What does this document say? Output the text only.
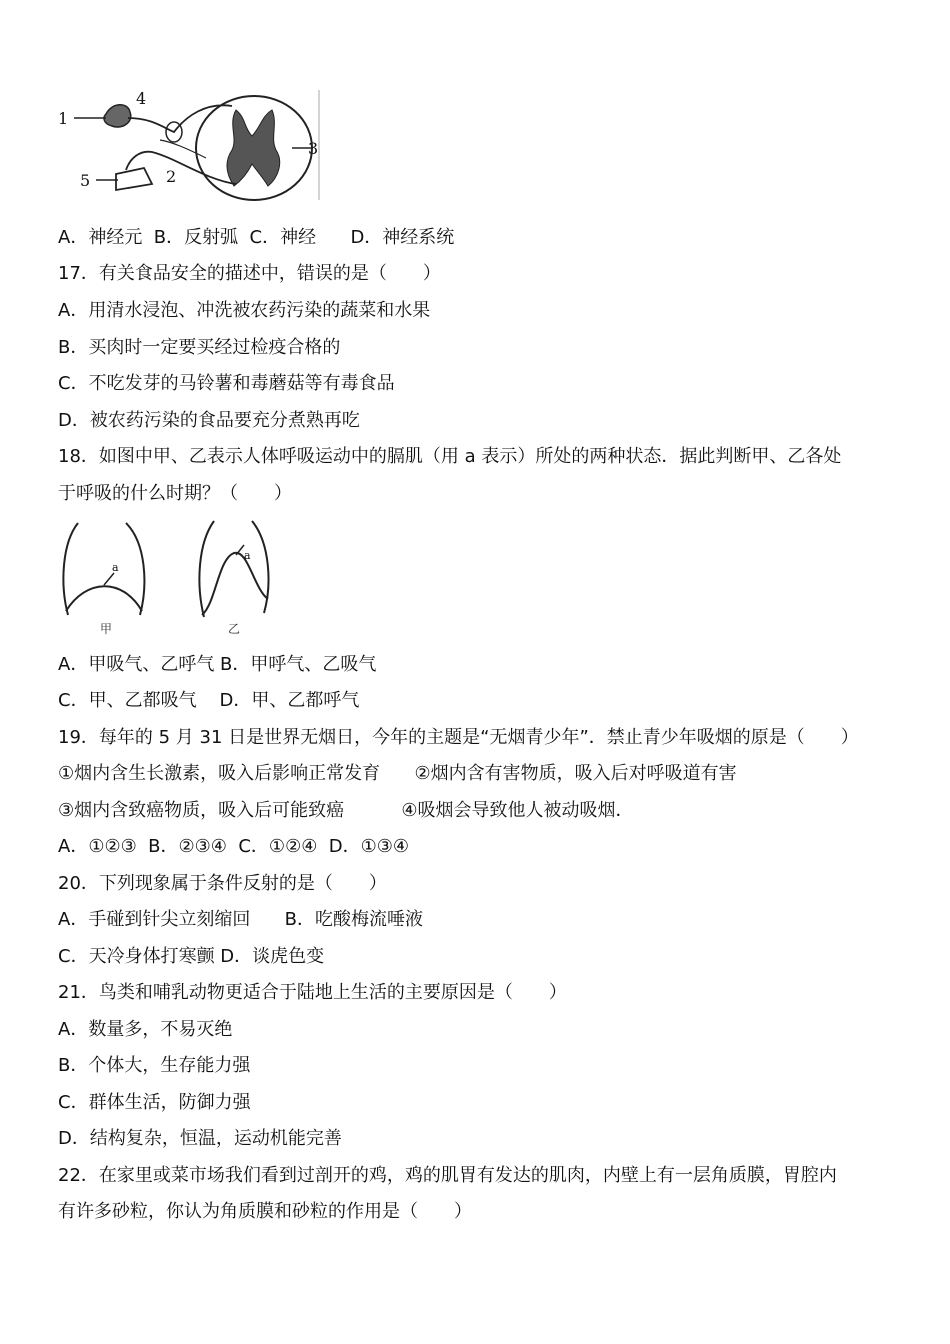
1
2
3
4
5
A．神经元  B．反射弧  C．神经      D．神经系统
17．有关食品安全的描述中，错误的是（　　）
A．用清水浸泡、冲洗被农药污染的蔬菜和水果
B．买肉时一定要买经过检疫合格的
C．不吃发芽的马铃薯和毒蘑菇等有毒食品
D．被农药污染的食品要充分煮熟再吃
18．如图中甲、乙表示人体呼吸运动中的膈肌（用 a 表示）所处的两种状态．据此判断甲、乙各处
于呼吸的什么时期？（　　）
a
甲
a
乙
A．甲吸气、乙呼气 B．甲呼气、乙吸气
C．甲、乙都吸气    D．甲、乙都呼气
19．每年的 5 月 31 日是世界无烟日，今年的主题是“无烟青少年”．禁止青少年吸烟的原是（　　）
①烟内含生长激素，吸入后影响正常发育      ②烟内含有害物质，吸入后对呼吸道有害
③烟内含致癌物质，吸入后可能致癌          ④吸烟会导致他人被动吸烟．
A．①②③  B．②③④  C．①②④  D．①③④
20．下列现象属于条件反射的是（　　）
A．手碰到针尖立刻缩回      B．吃酸梅流唾液
C．天冷身体打寒颤 D．谈虎色变
21．鸟类和哺乳动物更适合于陆地上生活的主要原因是（　　）
A．数量多，不易灭绝
B．个体大，生存能力强
C．群体生活，防御力强
D．结构复杂，恒温，运动机能完善
22．在家里或菜市场我们看到过剖开的鸡，鸡的肌胃有发达的肌肉，内壁上有一层角质膜，胃腔内
有许多砂粒，你认为角质膜和砂粒的作用是（　　）
